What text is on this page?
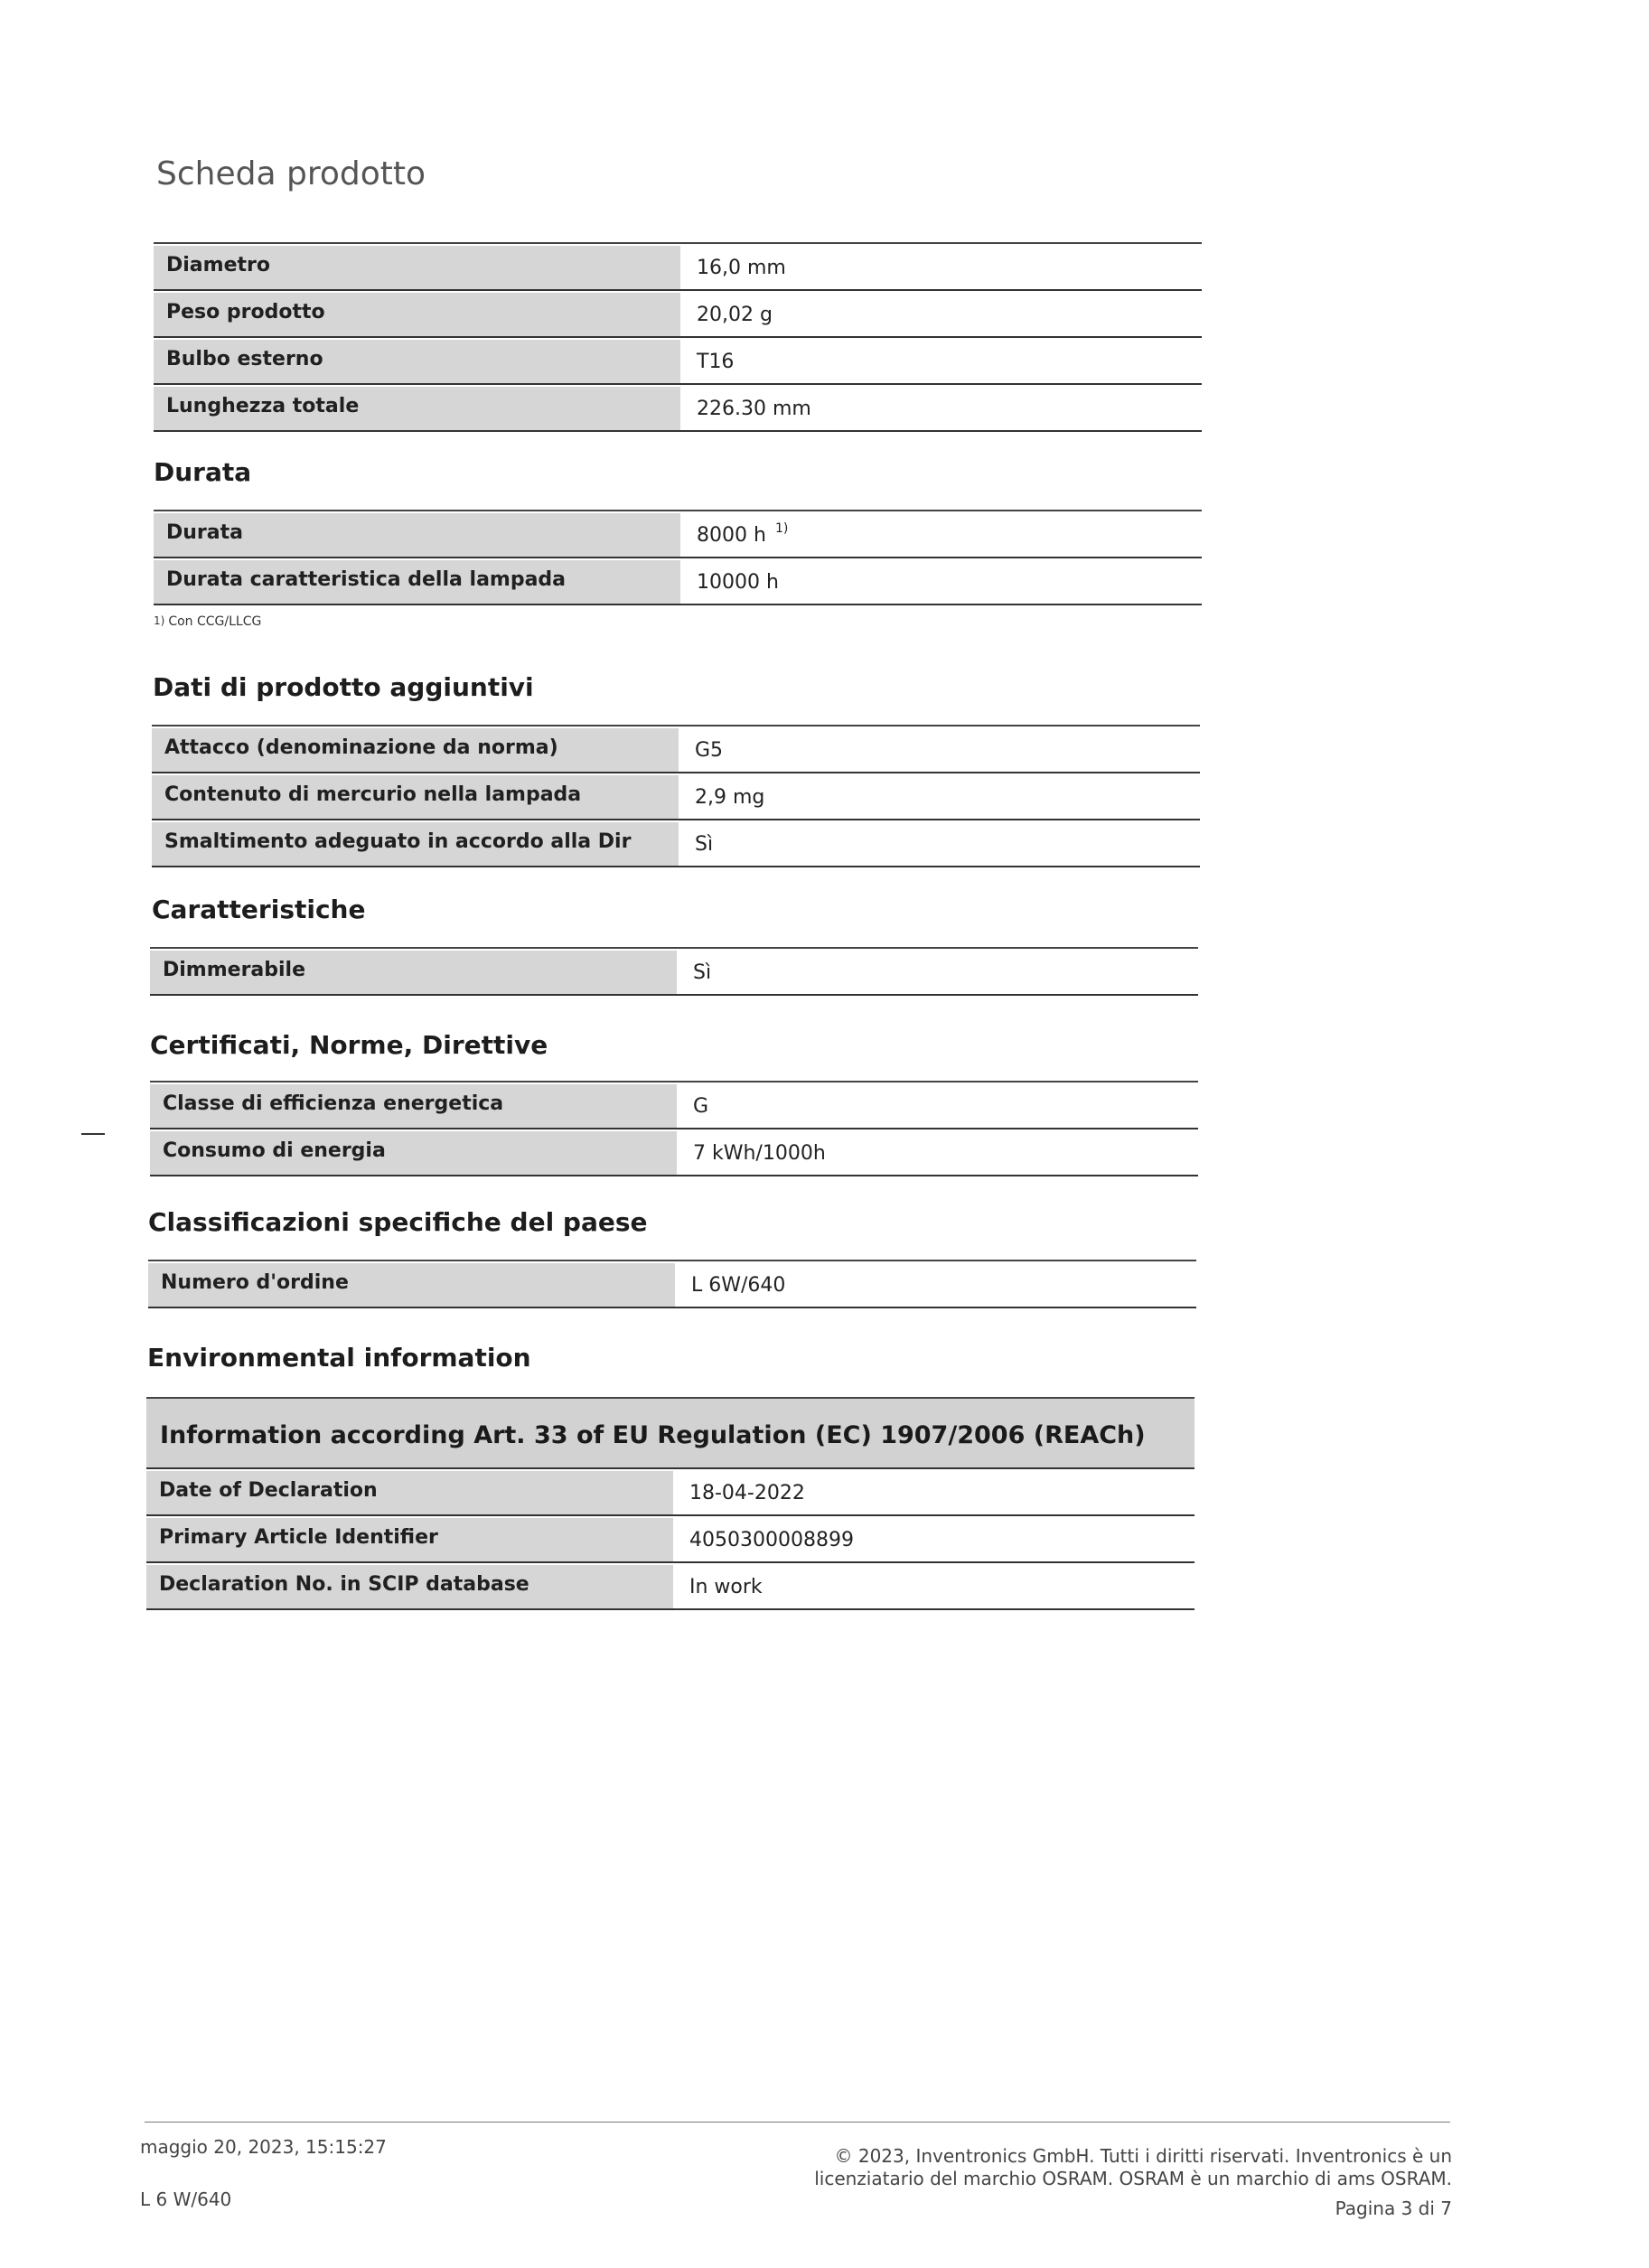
Scheda prodotto
Diametro	16,0 mm
Peso prodotto	20,02 g
Bulbo esterno	T16
Lunghezza totale	226.30 mm
Durata
Durata	8000 h $^{1)}$
Durata caratteristica della lampada	10000 h
1) Con CCG/LLCG
Dati di prodotto aggiuntivi
Attacco (denominazione da norma)	G5
Contenuto di mercurio nella lampada	2,9 mg
Smaltimento adeguato in accordo alla Dir	Sì
Caratteristiche
Dimmerabile	Sì
Certificati, Norme, Direttive
Classe di efficienza energetica	G
Consumo di energia	7 kWh/1000h
Classificazioni specifiche del paese
Numero d'ordine	L 6W/640
Environmental information
Information according Art. 33 of EU Regulation (EC) 1907/2006 (REACh)
Date of Declaration	18-04-2022
Primary Article Identifier	4050300008899
Declaration No. in SCIP database	In work
maggio 20, 2023, 15:15:27
L 6 W/640
© 2023, Inventronics GmbH. Tutti i diritti riservati. Inventronics è un licenziatario del marchio OSRAM. OSRAM è un marchio di ams OSRAM.
Pagina 3 di 7
